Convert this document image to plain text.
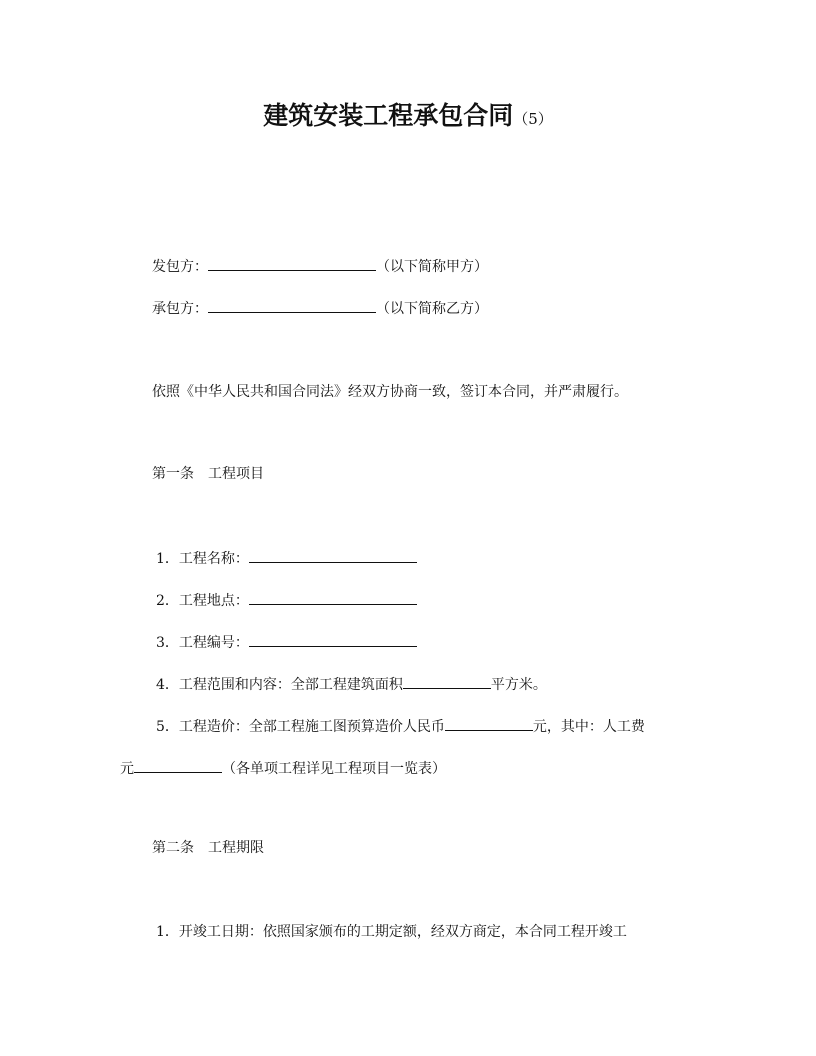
建筑安装工程承包合同（5）
发包方：	（以下简称甲方）
承包方：	（以下简称乙方）
依照《中华人民共和国合同法》经双方协商一致，签订本合同，并严肃履行。
第一条　工程项目
1．工程名称：
2．工程地点：
3．工程编号：
4．工程范围和内容：全部工程建筑面积	平方米。
5．工程造价：全部工程施工图预算造价人民币	元，其中：人工费
元	（各单项工程详见工程项目一览表）
第二条　工程期限
1．开竣工日期：依照国家颁布的工期定额，经双方商定，本合同工程开竣工
